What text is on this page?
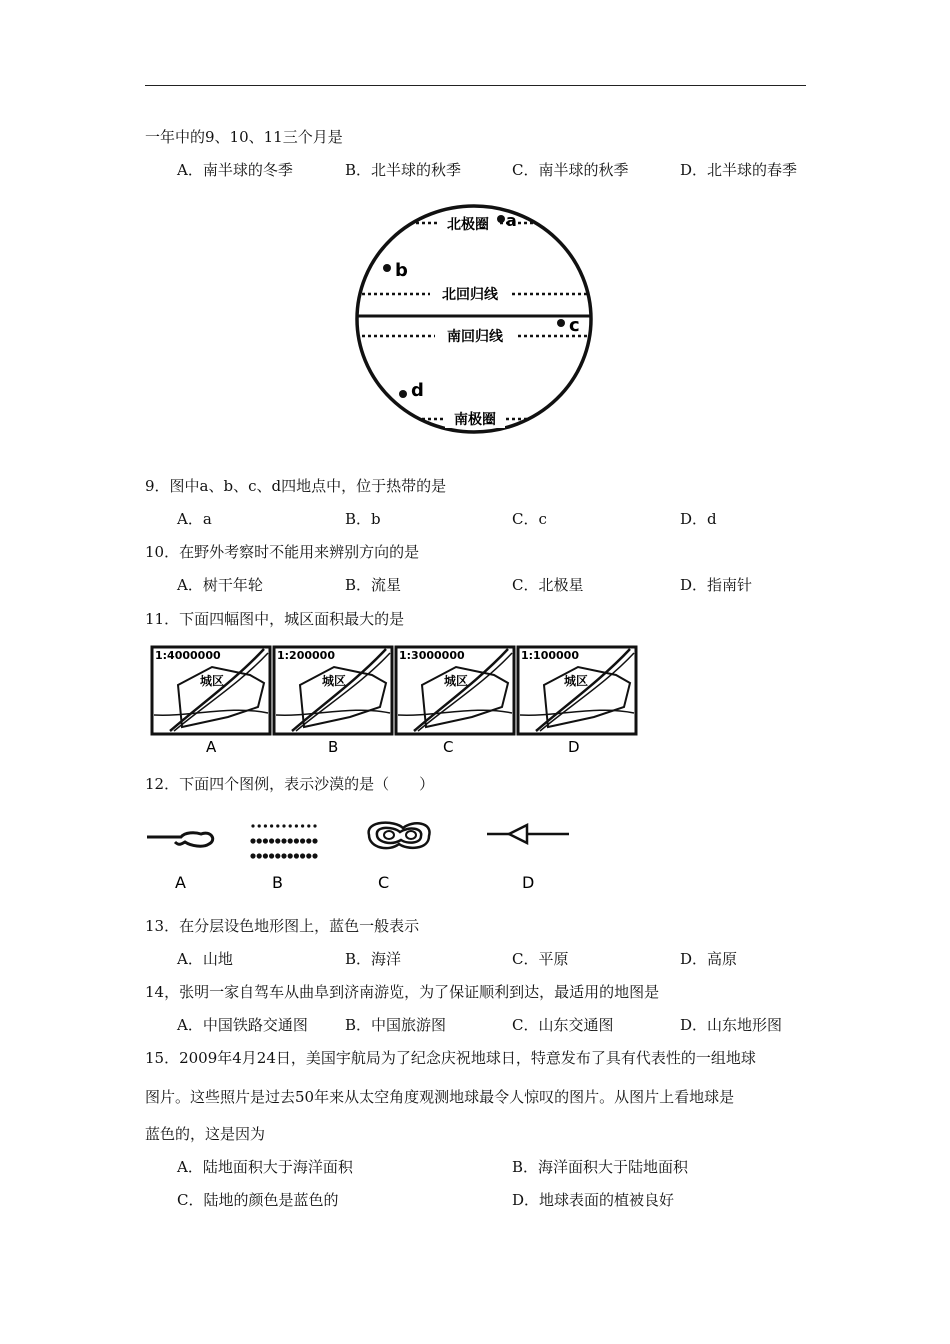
一年中的9、10、11三个月是
A．南半球的冬季	B．北半球的秋季	C．南半球的秋季	D．北半球的春季
北极圈
北回归线
南回归线
南极圈
a
b
c
d
9．图中a、b、c、d四地点中，位于热带的是
A．a	B．b	C．c	D．d
10．在野外考察时不能用来辨别方向的是
A．树干年轮	B．流星	C．北极星	D．指南针
11．下面四幅图中，城区面积最大的是
1:4000000
城区
A
1:200000
城区
B
1:3000000
城区
C
1:100000
城区
D
12．下面四个图例，表示沙漠的是（　　）
A	B	C	D
13．在分层设色地形图上，蓝色一般表示
A．山地	B．海洋	C．平原	D．高原
14，张明一家自驾车从曲阜到济南游览，为了保证顺利到达，最适用的地图是
A．中国铁路交通图 B．中国旅游图	C．山东交通图	D．山东地形图
15．2009年4月24日，美国宇航局为了纪念庆祝地球日，特意发布了具有代表性的一组地球
图片。这些照片是过去50年来从太空角度观测地球最令人惊叹的图片。从图片上看地球是
蓝色的，这是因为
A．陆地面积大于海洋面积	B．海洋面积大于陆地面积
C．陆地的颜色是蓝色的	D．地球表面的植被良好
